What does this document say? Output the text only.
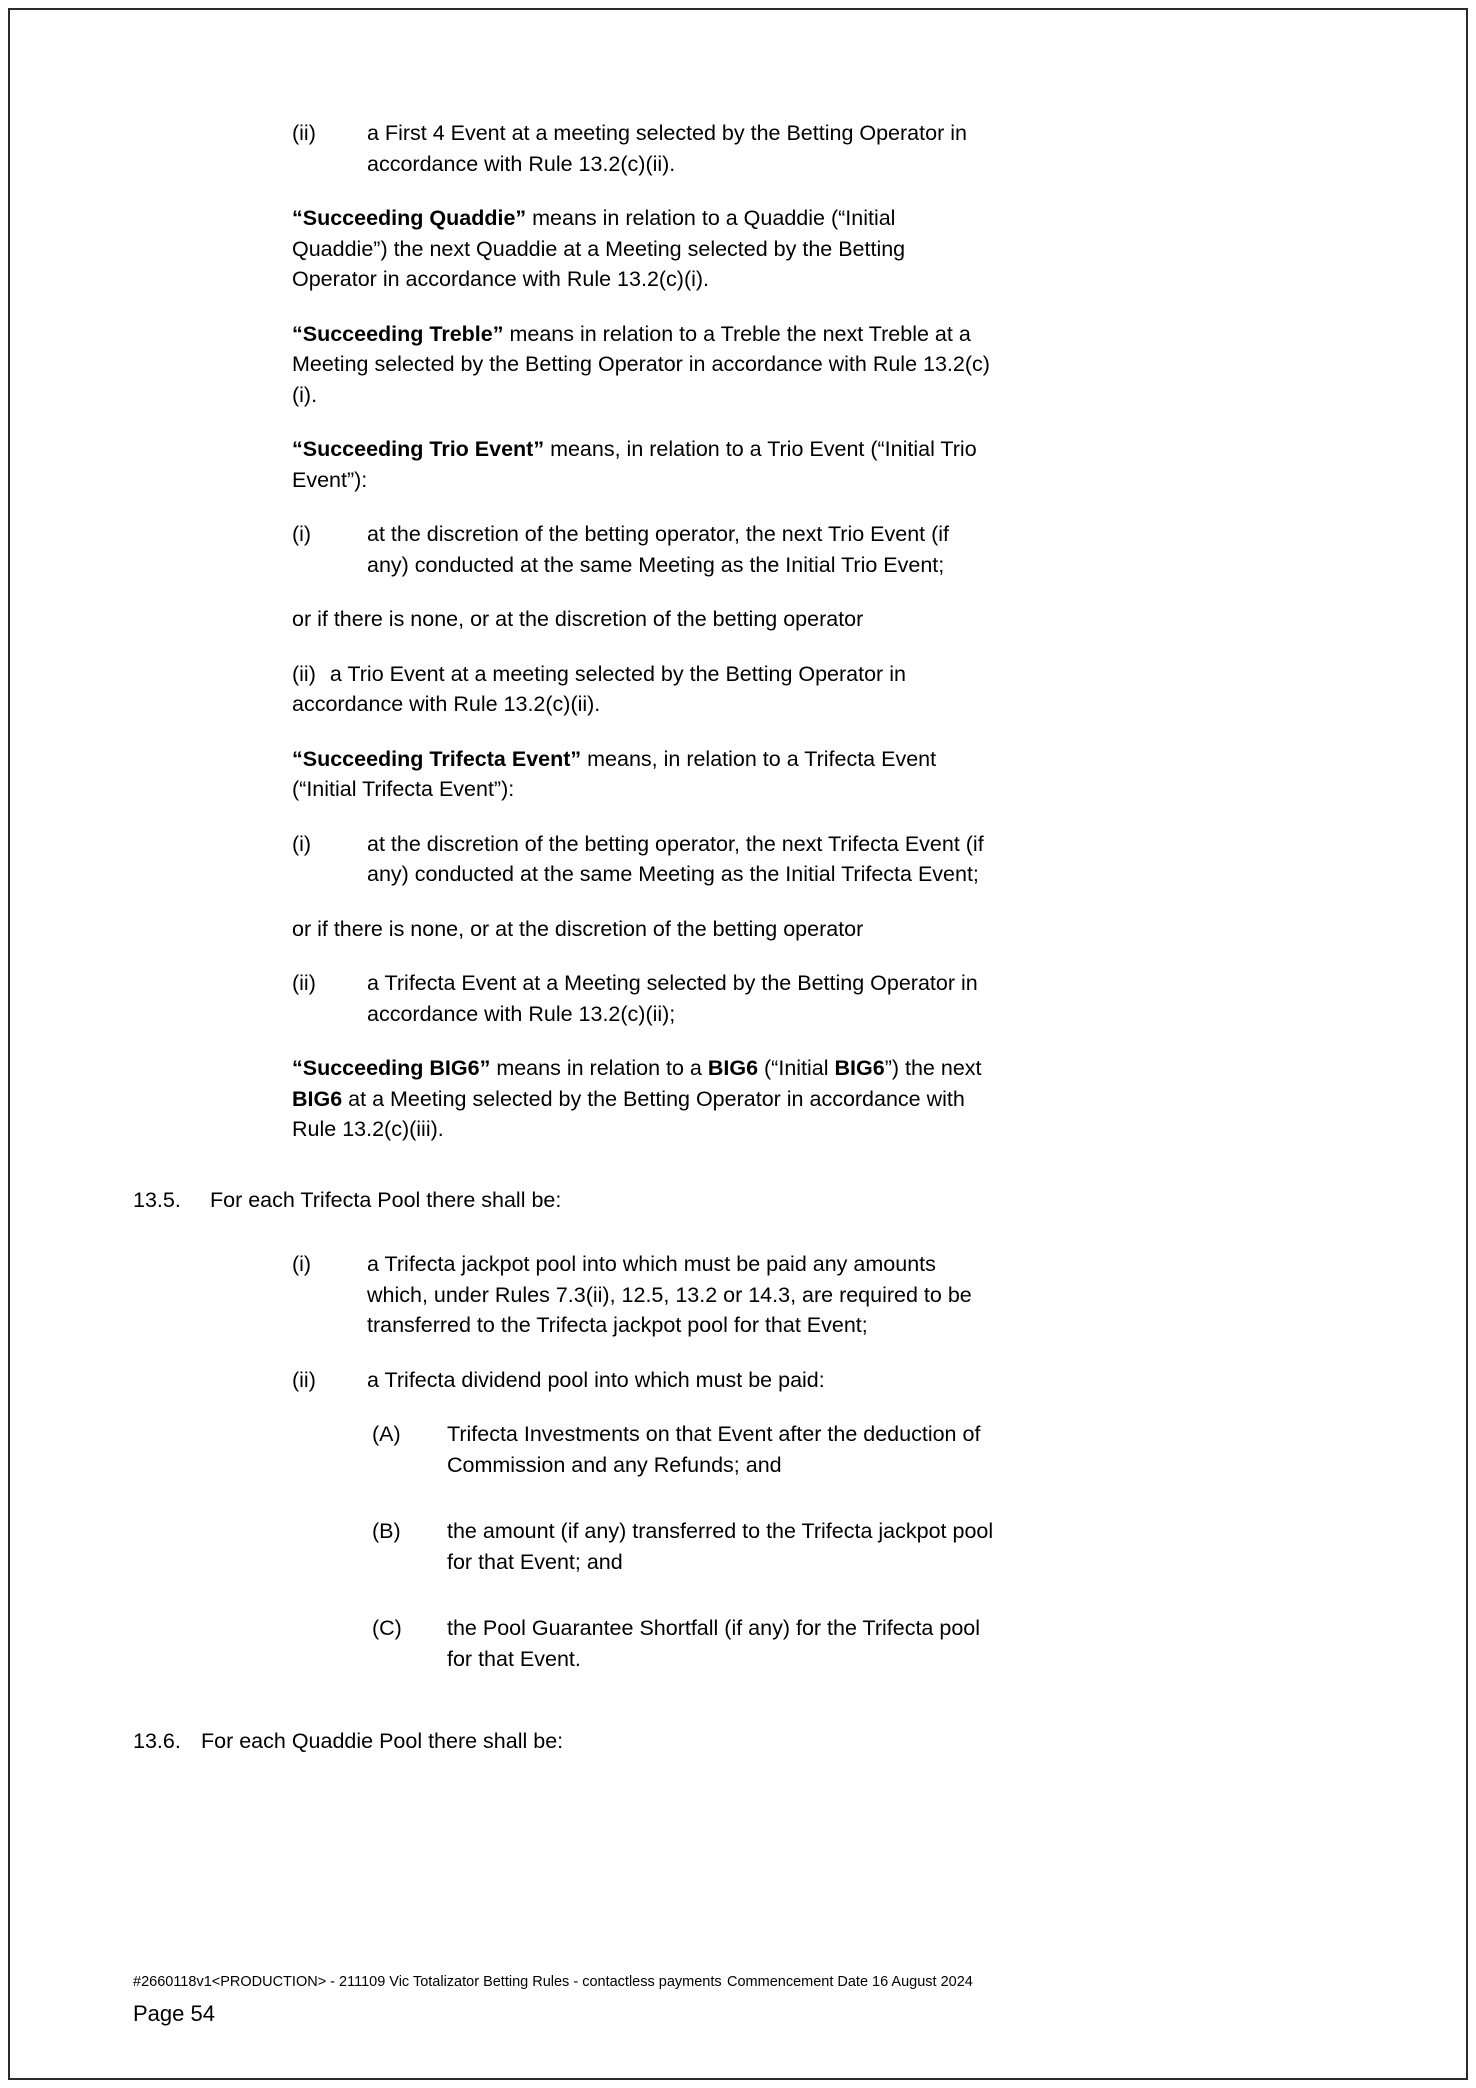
(ii)	a First 4 Event at a meeting selected by the Betting Operator in accordance with Rule 13.2(c)(ii).
“Succeeding Quaddie” means in relation to a Quaddie (“Initial Quaddie”) the next Quaddie at a Meeting selected by the Betting Operator in accordance with Rule 13.2(c)(i).
“Succeeding Treble” means in relation to a Treble the next Treble at a Meeting selected by the Betting Operator in accordance with Rule 13.2(c)(i).
“Succeeding Trio Event” means, in relation to a Trio Event (“Initial Trio Event”):
(i)	at the discretion of the betting operator, the next Trio Event (if any) conducted at the same Meeting as the Initial Trio Event;
or if there is none, or at the discretion of the betting operator
(ii) a Trio Event at a meeting selected by the Betting Operator in accordance with Rule 13.2(c)(ii).
“Succeeding Trifecta Event” means, in relation to a Trifecta Event (“Initial Trifecta Event”):
(i)	at the discretion of the betting operator, the next Trifecta Event (if any) conducted at the same Meeting as the Initial Trifecta Event;
or if there is none, or at the discretion of the betting operator
(ii)	a Trifecta Event at a Meeting selected by the Betting Operator in accordance with Rule 13.2(c)(ii);
“Succeeding BIG6” means in relation to a BIG6 (“Initial BIG6”) the next BIG6 at a Meeting selected by the Betting Operator in accordance with Rule 13.2(c)(iii).
13.5.	For each Trifecta Pool there shall be:
(i)	a Trifecta jackpot pool into which must be paid any amounts which, under Rules 7.3(ii), 12.5, 13.2 or 14.3, are required to be transferred to the Trifecta jackpot pool for that Event;
(ii)	a Trifecta dividend pool into which must be paid:
(A)	Trifecta Investments on that Event after the deduction of Commission and any Refunds; and
(B)	the amount (if any) transferred to the Trifecta jackpot pool for that Event; and
(C)	the Pool Guarantee Shortfall (if any) for the Trifecta pool for that Event.
13.6. For each Quaddie Pool there shall be:
#2660118v1<PRODUCTION> - 211109 Vic Totalizator Betting Rules - contactless payments Commencement Date 16 August 2024
Page 54
